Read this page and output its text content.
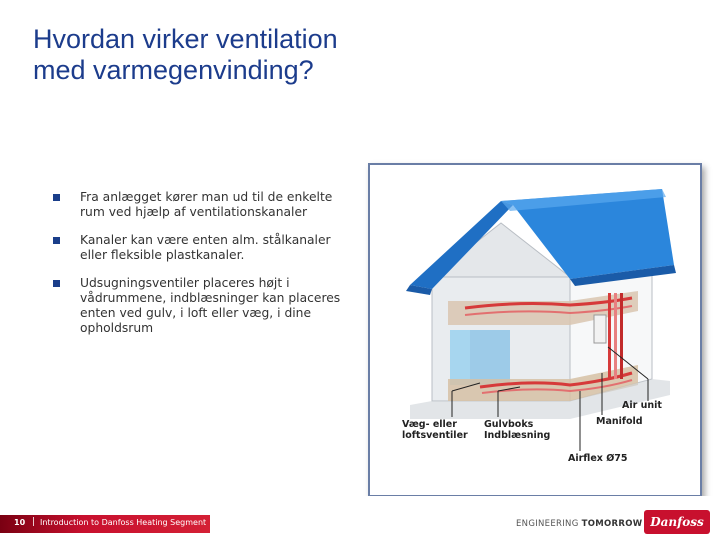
Hvordan virker ventilation
med varmegenvinding?
Fra anlægget kører man ud til de enkelte rum ved hjælp af ventilationskanaler
Kanaler kan være enten alm. stålkanaler eller fleksible plastkanaler.
Udsugningsventiler placeres højt i vådrummene, indblæsninger kan placeres enten ved gulv, i loft eller væg, i dine opholdsrum
Air unit
Manifold
Væg- eller
loftsventiler
Gulvboks
Indblæsning
Airflex Ø75
10 | Introduction to Danfoss Heating Segment	ENGINEERING TOMORROW Danfoss
